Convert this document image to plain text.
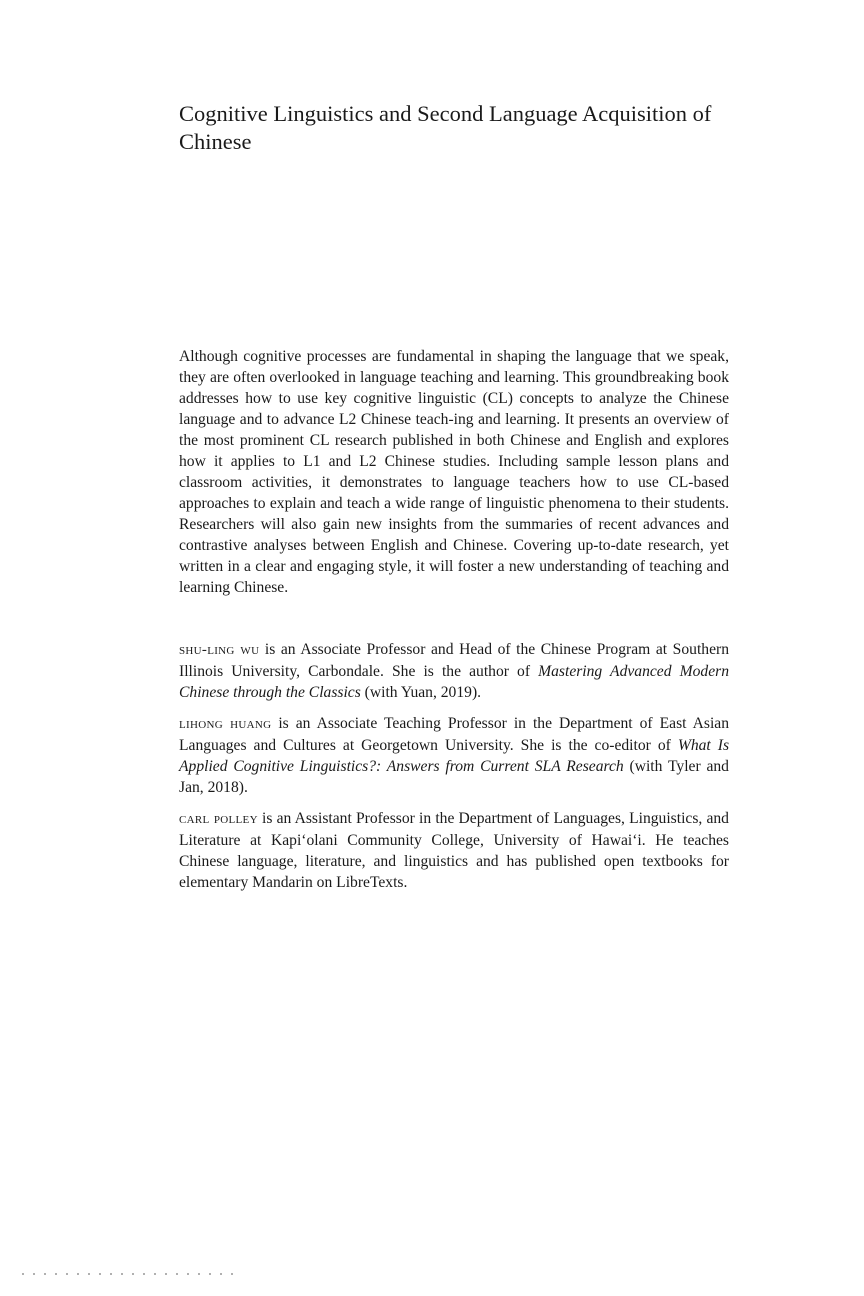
Cognitive Linguistics and Second Language Acquisition of Chinese

Although cognitive processes are fundamental in shaping the language that we speak, they are often overlooked in language teaching and learning. This groundbreaking book addresses how to use key cognitive linguistic (CL) concepts to analyze the Chinese language and to advance L2 Chinese teach-ing and learning. It presents an overview of the most prominent CL research published in both Chinese and English and explores how it applies to L1 and L2 Chinese studies. Including sample lesson plans and classroom activities, it demonstrates to language teachers how to use CL-based approaches to explain and teach a wide range of linguistic phenomena to their students. Researchers will also gain new insights from the summaries of recent advances and contrastive analyses between English and Chinese. Covering up-to-date research, yet written in a clear and engaging style, it will foster a new understanding of teaching and learning Chinese.

shu-ling wu is an Associate Professor and Head of the Chinese Program at Southern Illinois University, Carbondale. She is the author of Mastering Advanced Modern Chinese through the Classics (with Yuan, 2019).

lihong huang is an Associate Teaching Professor in the Department of East Asian Languages and Cultures at Georgetown University. She is the co-editor of What Is Applied Cognitive Linguistics?: Answers from Current SLA Research (with Tyler and Jan, 2018).

carl polley is an Assistant Professor in the Department of Languages, Linguistics, and Literature at Kapi‘olani Community College, University of Hawai‘i. He teaches Chinese language, literature, and linguistics and has published open textbooks for elementary Mandarin on LibreTexts.
